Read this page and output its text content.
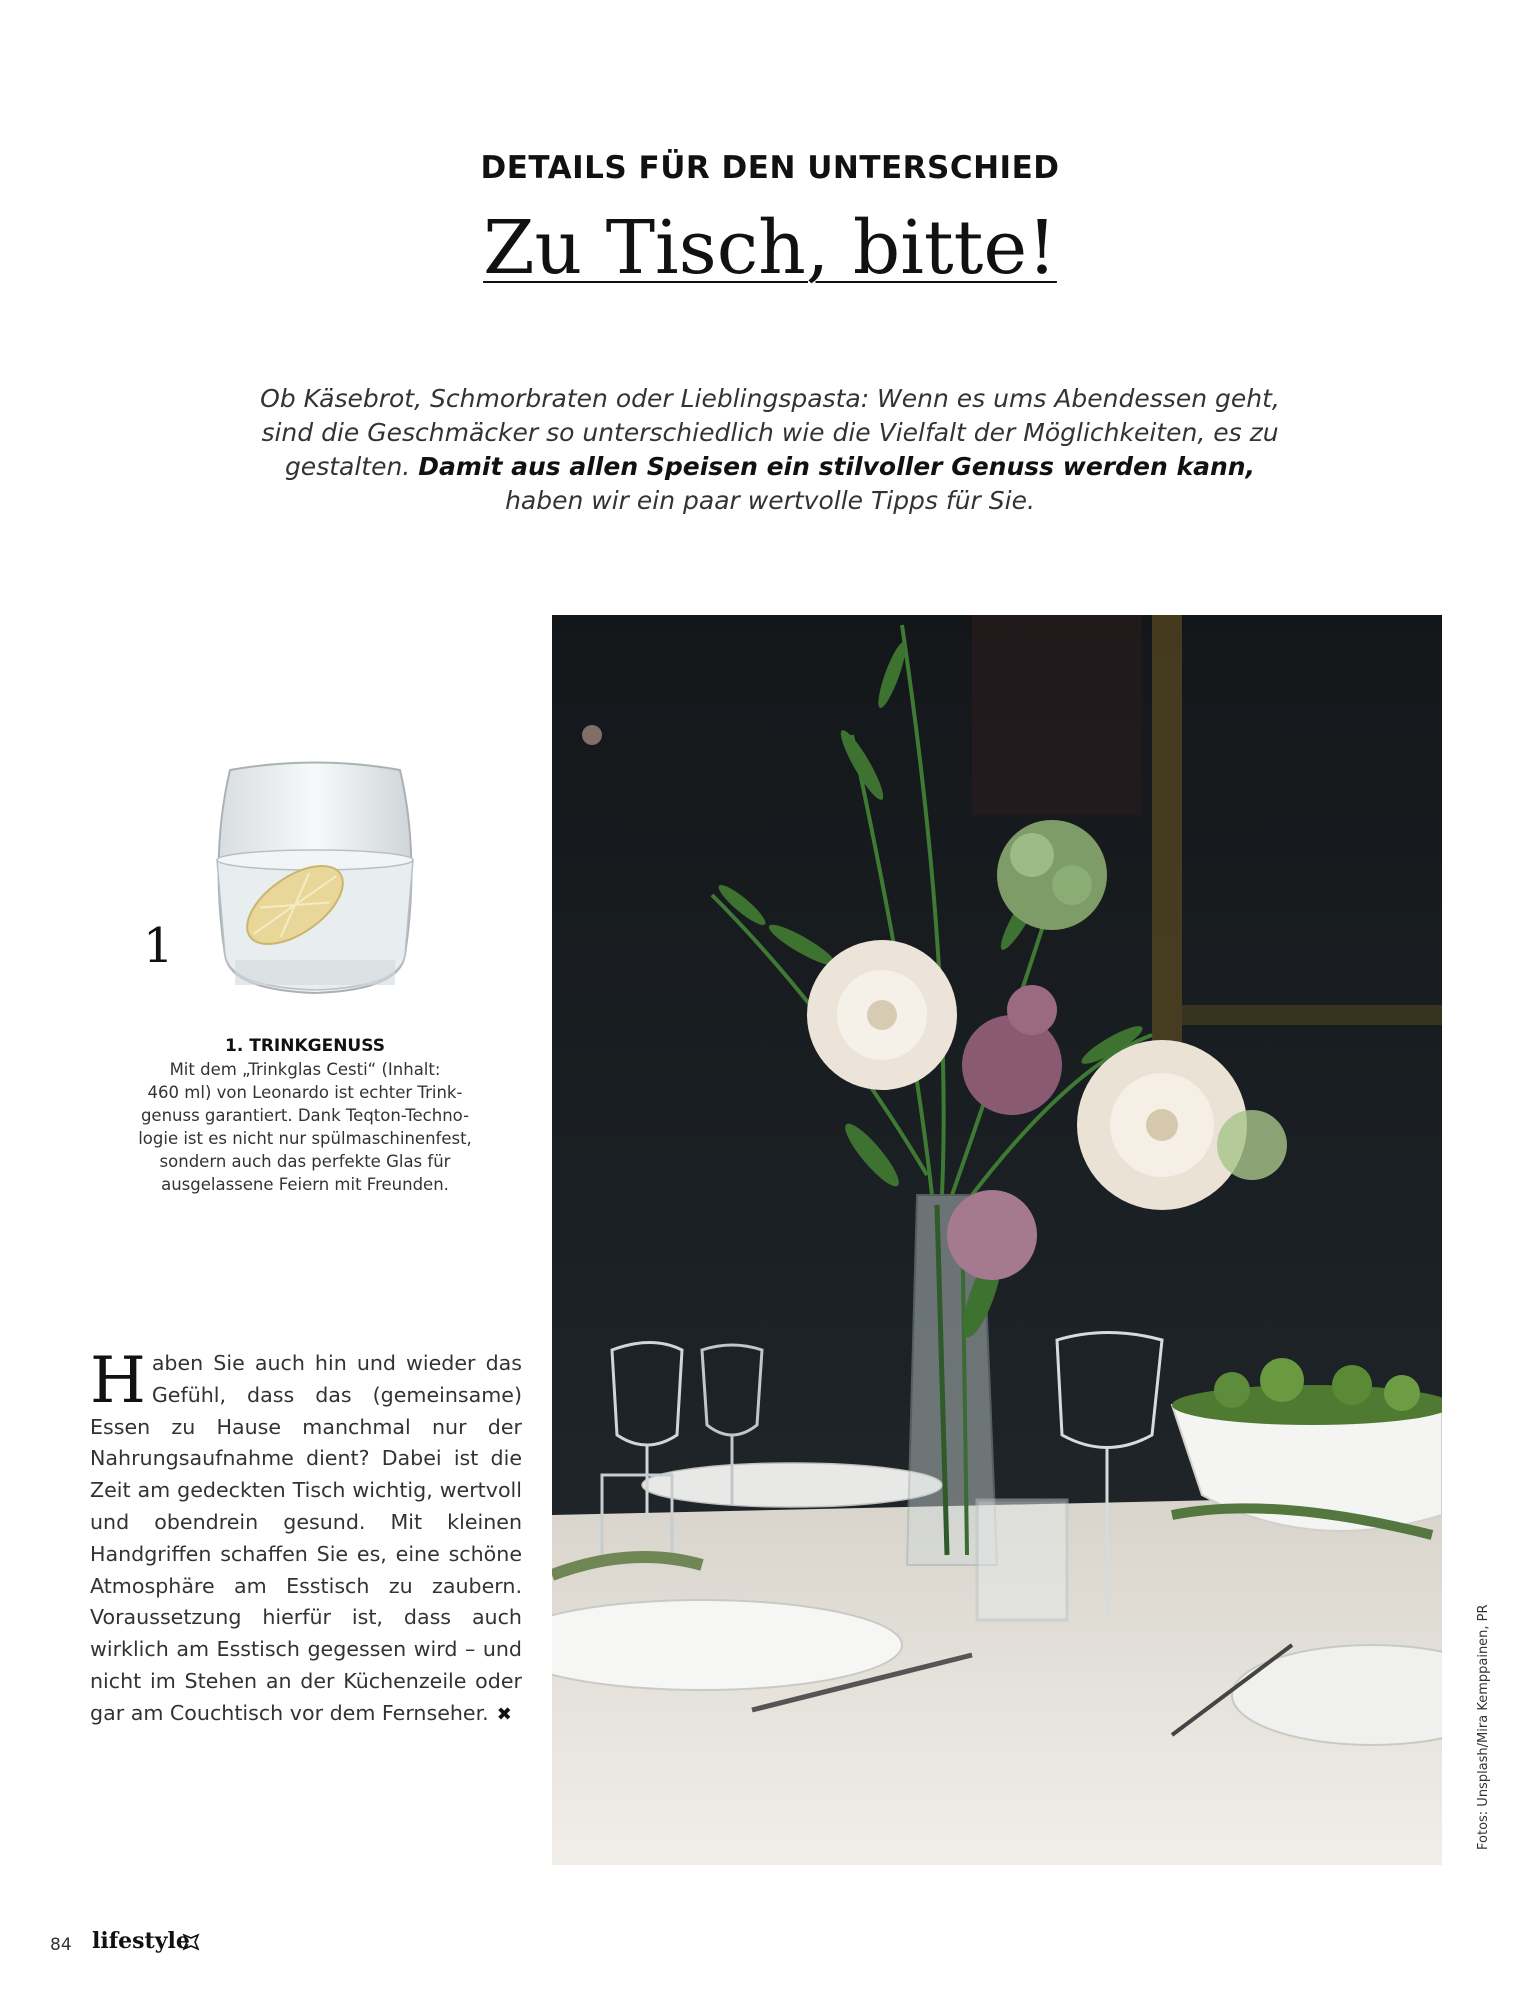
DETAILS FÜR DEN UNTERSCHIED
Zu Tisch, bitte!
Ob Käsebrot, Schmorbraten oder Lieblingspasta: Wenn es ums Abendessen geht, sind die Geschmäcker so unterschiedlich wie die Vielfalt der Möglichkeiten, es zu gestalten. Damit aus allen Speisen ein stilvoller Genuss werden kann, haben wir ein paar wertvolle Tipps für Sie.
1
1. TRINKGENUSS
Mit dem „Trinkglas Cesti“ (Inhalt:
460 ml) von Leonardo ist echter Trink-
genuss garantiert. Dank Teqton-Techno-
logie ist es nicht nur spülmaschinenfest,
sondern auch das perfekte Glas für
ausgelassene Feiern mit Freunden.
Haben Sie auch hin und wieder das Gefühl, dass das (gemeinsame) Essen zu Hause manchmal nur der Nahrungsaufnahme dient? Dabei ist die Zeit am gedeckten Tisch wichtig, wertvoll und obendrein gesund. Mit kleinen Handgriffen schaffen Sie es, eine schöne Atmosphäre am Esstisch zu zaubern. Voraussetzung hierfür ist, dass auch wirklich am Esstisch gegessen wird – und nicht im Stehen an der Küchenzeile oder gar am Couchtisch vor dem Fernseher. ✖	Fotos: Unsplash/Mira Kemppainen, PR
84 lifestyle
